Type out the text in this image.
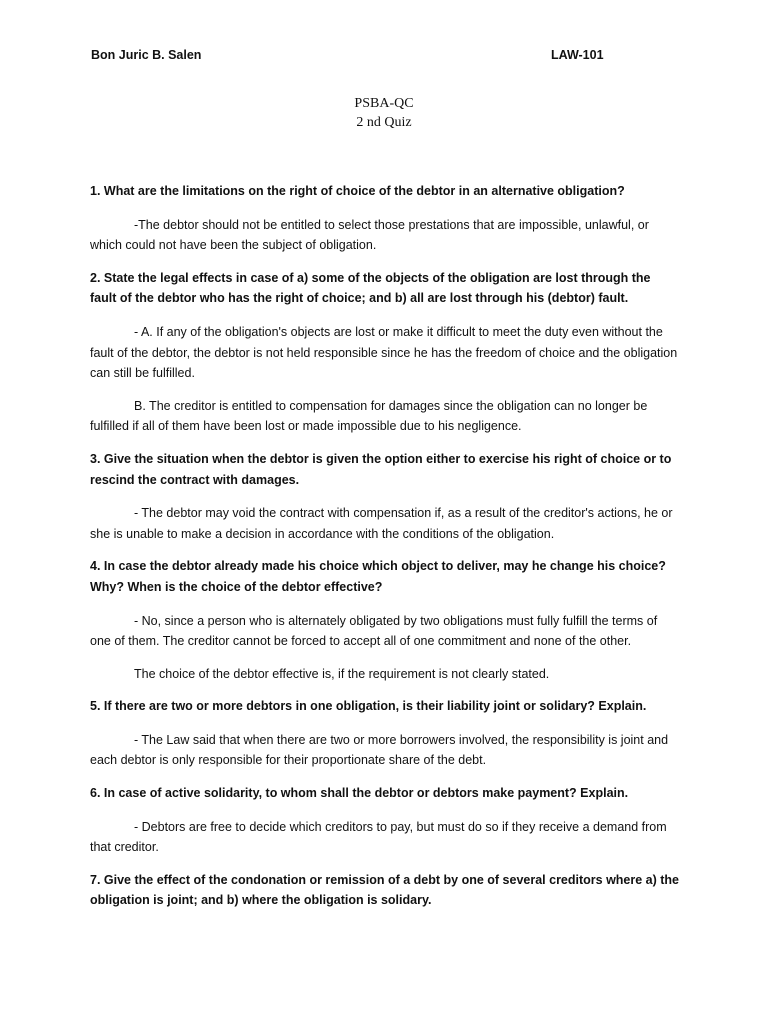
Bon Juric B. Salen	LAW-101
PSBA-QC
2 nd Quiz

1. What are the limitations on the right of choice of the debtor in an alternative obligation?

-The debtor should not be entitled to select those prestations that are impossible, unlawful, or which could not have been the subject of obligation.

2. State the legal effects in case of a) some of the objects of the obligation are lost through the fault of the debtor who has the right of choice; and b) all are lost through his (debtor) fault.

- A. If any of the obligation's objects are lost or make it difficult to meet the duty even without the fault of the debtor, the debtor is not held responsible since he has the freedom of choice and the obligation can still be fulfilled.

B. The creditor is entitled to compensation for damages since the obligation can no longer be fulfilled if all of them have been lost or made impossible due to his negligence.

3. Give the situation when the debtor is given the option either to exercise his right of choice or to rescind the contract with damages.

- The debtor may void the contract with compensation if, as a result of the creditor's actions, he or she is unable to make a decision in accordance with the conditions of the obligation.

4. In case the debtor already made his choice which object to deliver, may he change his choice? Why? When is the choice of the debtor effective?

- No, since a person who is alternately obligated by two obligations must fully fulfill the terms of one of them. The creditor cannot be forced to accept all of one commitment and none of the other.

The choice of the debtor effective is, if the requirement is not clearly stated.

5. If there are two or more debtors in one obligation, is their liability joint or solidary? Explain.

- The Law said that when there are two or more borrowers involved, the responsibility is joint and each debtor is only responsible for their proportionate share of the debt.

6. In case of active solidarity, to whom shall the debtor or debtors make payment? Explain.

- Debtors are free to decide which creditors to pay, but must do so if they receive a demand from that creditor.

7. Give the effect of the condonation or remission of a debt by one of several creditors where a) the obligation is joint; and b) where the obligation is solidary.
